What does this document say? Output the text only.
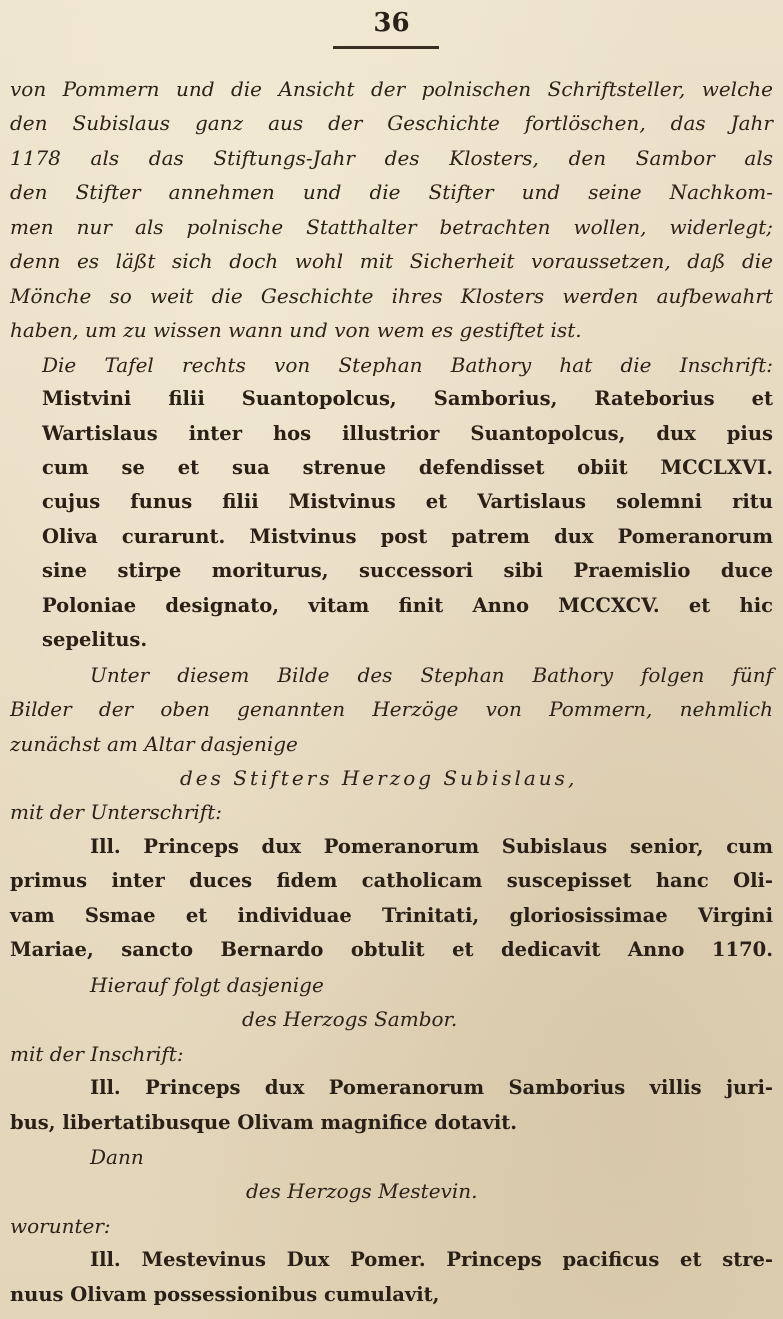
36
von Pommern und die Ansicht der polnischen Schriftsteller, welche
den Subislaus ganz aus der Geschichte fortlöschen, das Jahr
1178 als das Stiftungs-Jahr des Klosters, den Sambor als
den Stifter annehmen und die Stifter und seine Nachkom-
men nur als polnische Statthalter betrachten wollen, widerlegt;
denn es läßt sich doch wohl mit Sicherheit voraussetzen, daß die
Mönche so weit die Geschichte ihres Klosters werden aufbewahrt
haben, um zu wissen wann und von wem es gestiftet ist.
Die Tafel rechts von Stephan Bathory hat die Inschrift:
Mistvini filii Suantopolcus, Samborius, Rateborius et
Wartislaus inter hos illustrior Suantopolcus, dux pius
cum se et sua strenue defendisset obiit MCCLXVI.
cujus funus filii Mistvinus et Vartislaus solemni ritu
Oliva curarunt. Mistvinus post patrem dux Pomeranorum
sine stirpe moriturus, successori sibi Praemislio duce
Poloniae designato, vitam finit Anno MCCXCV. et hic
sepelitus.
Unter diesem Bilde des Stephan Bathory folgen fünf
Bilder der oben genannten Herzöge von Pommern, nehmlich
zunächst am Altar dasjenige
des Stifters Herzog Subislaus,
mit der Unterschrift:
Ill. Princeps dux Pomeranorum Subislaus senior, cum
primus inter duces fidem catholicam suscepisset hanc Oli-
vam Ssmae et individuae Trinitati, gloriosissimae Virgini
Mariae, sancto Bernardo obtulit et dedicavit Anno 1170.
Hierauf folgt dasjenige
des Herzogs Sambor.
mit der Inschrift:
Ill. Princeps dux Pomeranorum Samborius villis juri-
bus, libertatibusque Olivam magnifice dotavit.
Dann
des Herzogs Mestevin.
worunter:
Ill. Mestevinus Dux Pomer. Princeps pacificus et stre-
nuus Olivam possessionibus cumulavit,
